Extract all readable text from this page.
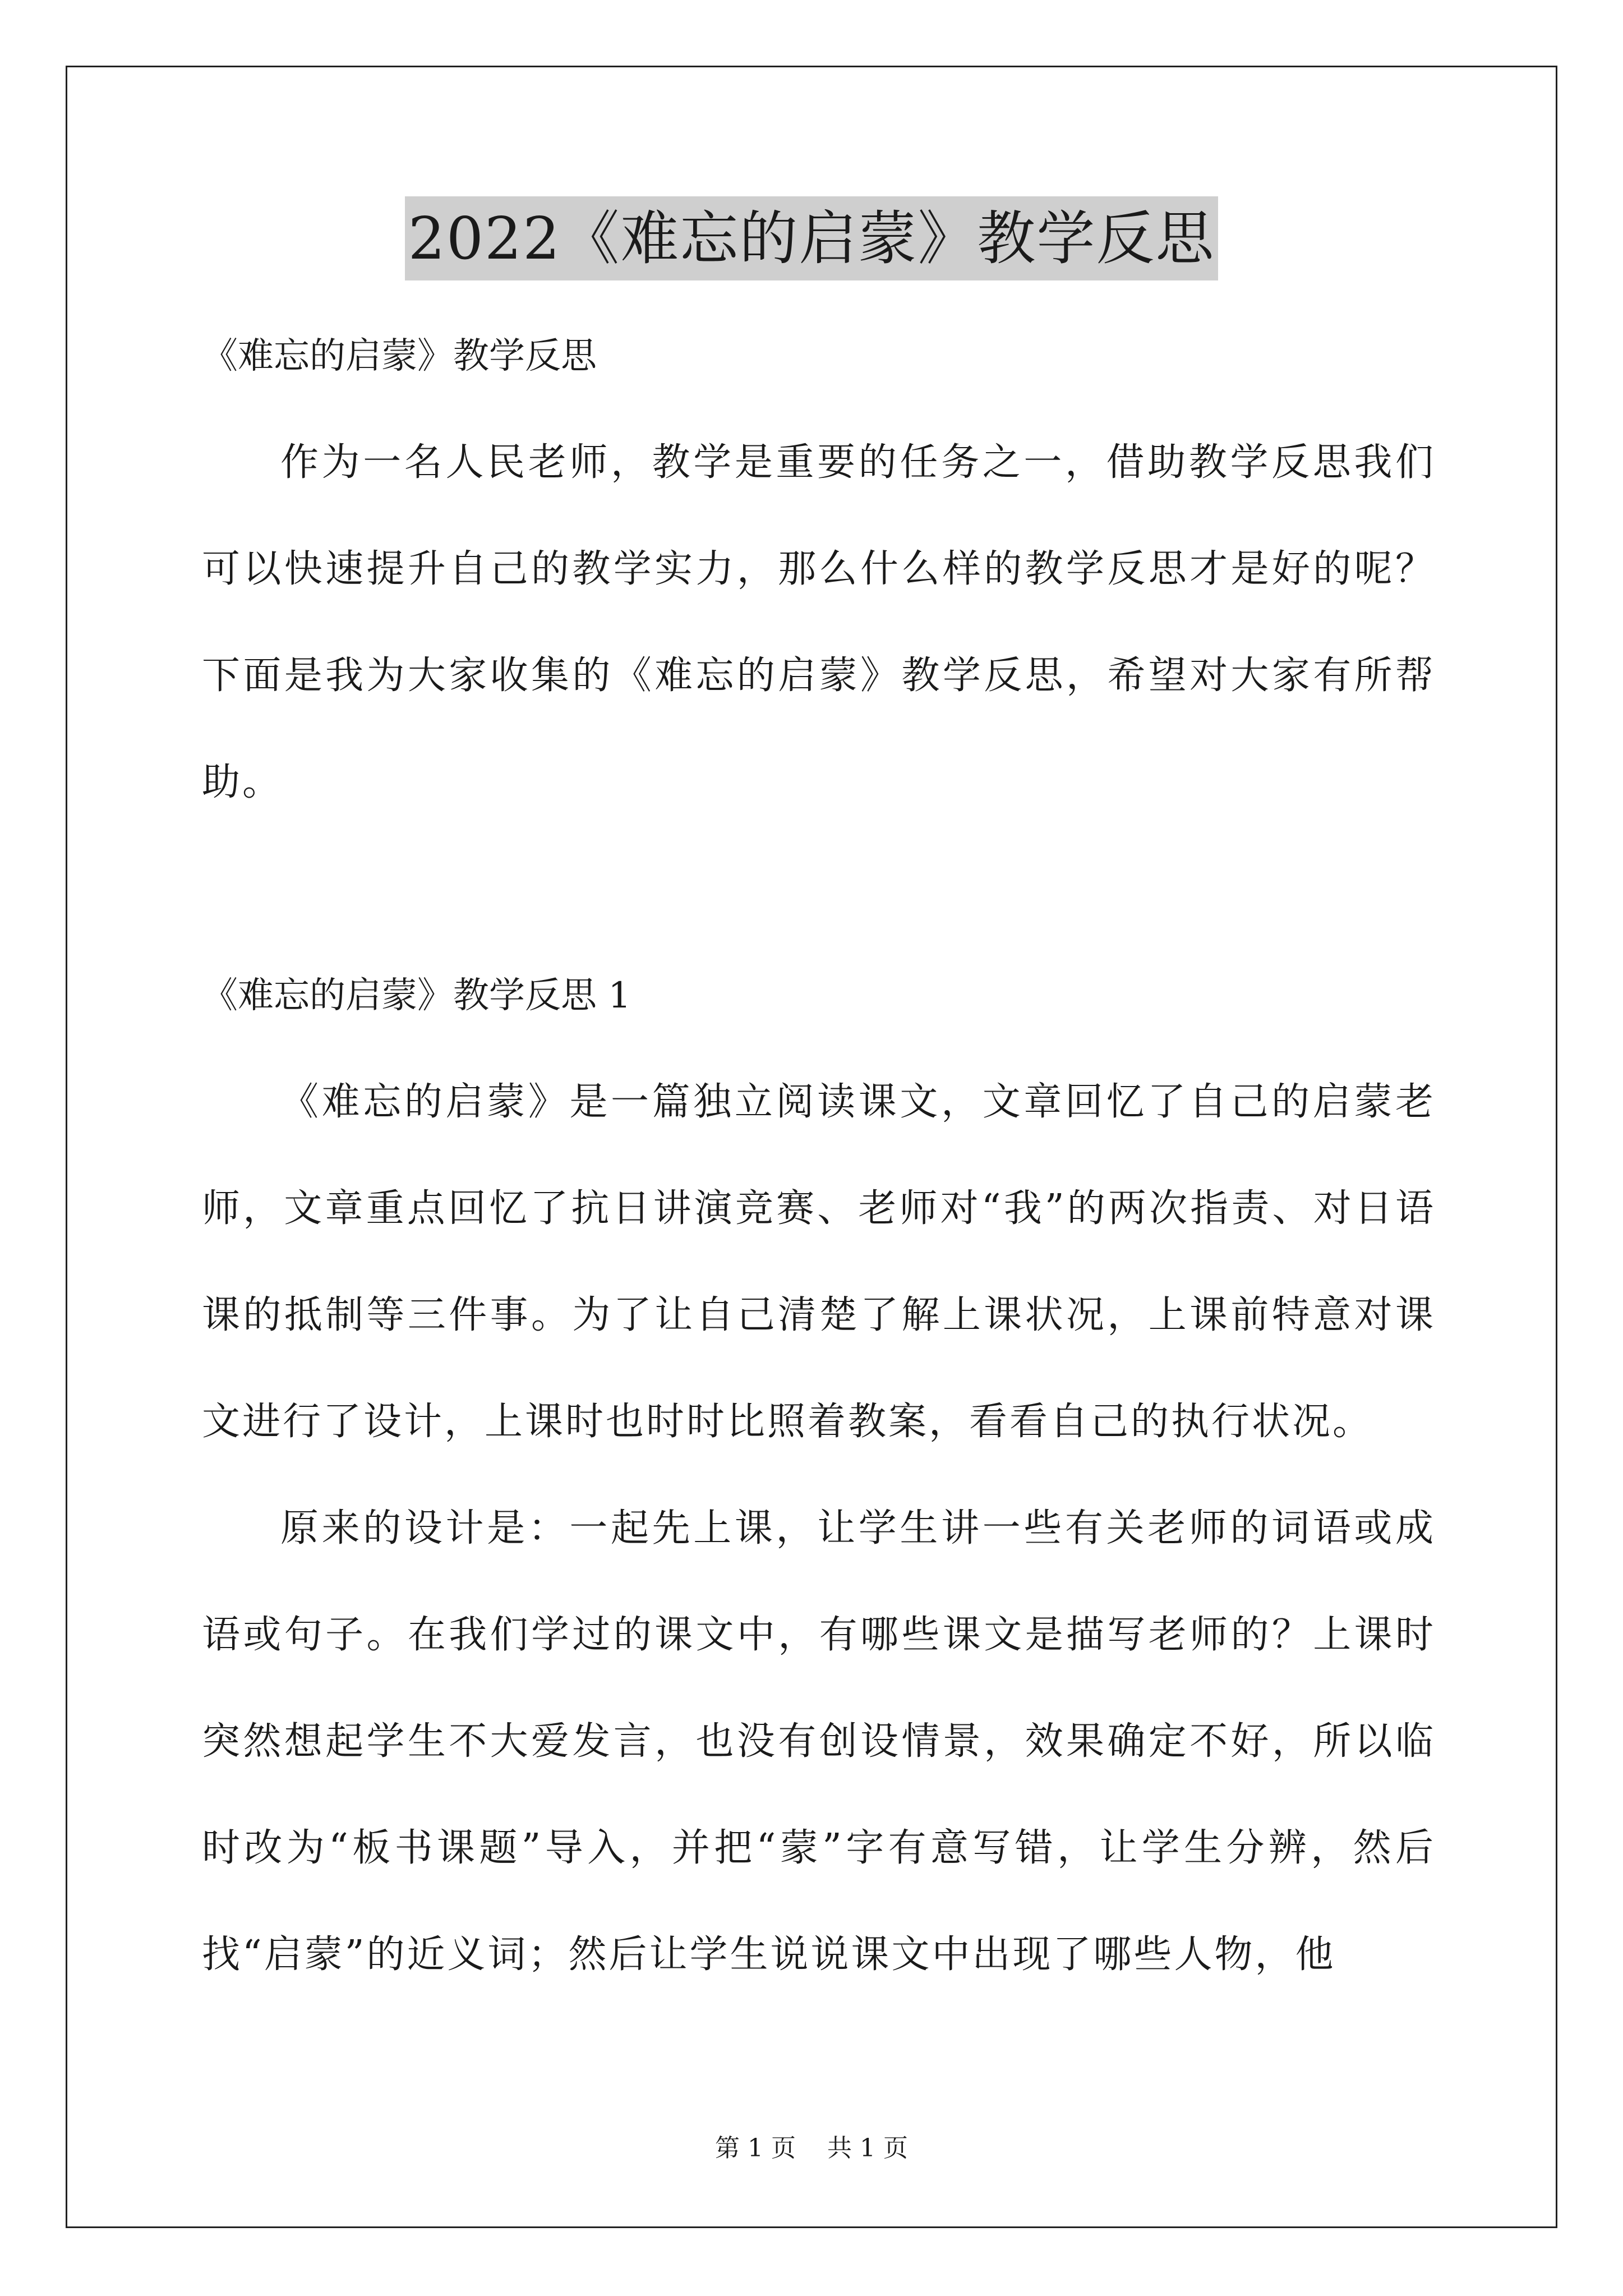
2022《难忘的启蒙》教学反思

《难忘的启蒙》教学反思

作为一名人民老师，教学是重要的任务之一，借助教学反思我们可以快速提升自己的教学实力，那么什么样的教学反思才是好的呢？下面是我为大家收集的《难忘的启蒙》教学反思，希望对大家有所帮助。

《难忘的启蒙》教学反思 1

《难忘的启蒙》是一篇独立阅读课文，文章回忆了自己的启蒙老师，文章重点回忆了抗日讲演竞赛、老师对“我”的两次指责、对日语课的抵制等三件事。为了让自己清楚了解上课状况，上课前特意对课文进行了设计，上课时也时时比照着教案，看看自己的执行状况。

原来的设计是：一起先上课，让学生讲一些有关老师的词语或成语或句子。在我们学过的课文中，有哪些课文是描写老师的？上课时突然想起学生不大爱发言，也没有创设情景，效果确定不好，所以临时改为“板书课题”导入，并把“蒙”字有意写错，让学生分辨，然后找“启蒙”的近义词；然后让学生说说课文中出现了哪些人物，他

第 1 页 共 1 页
